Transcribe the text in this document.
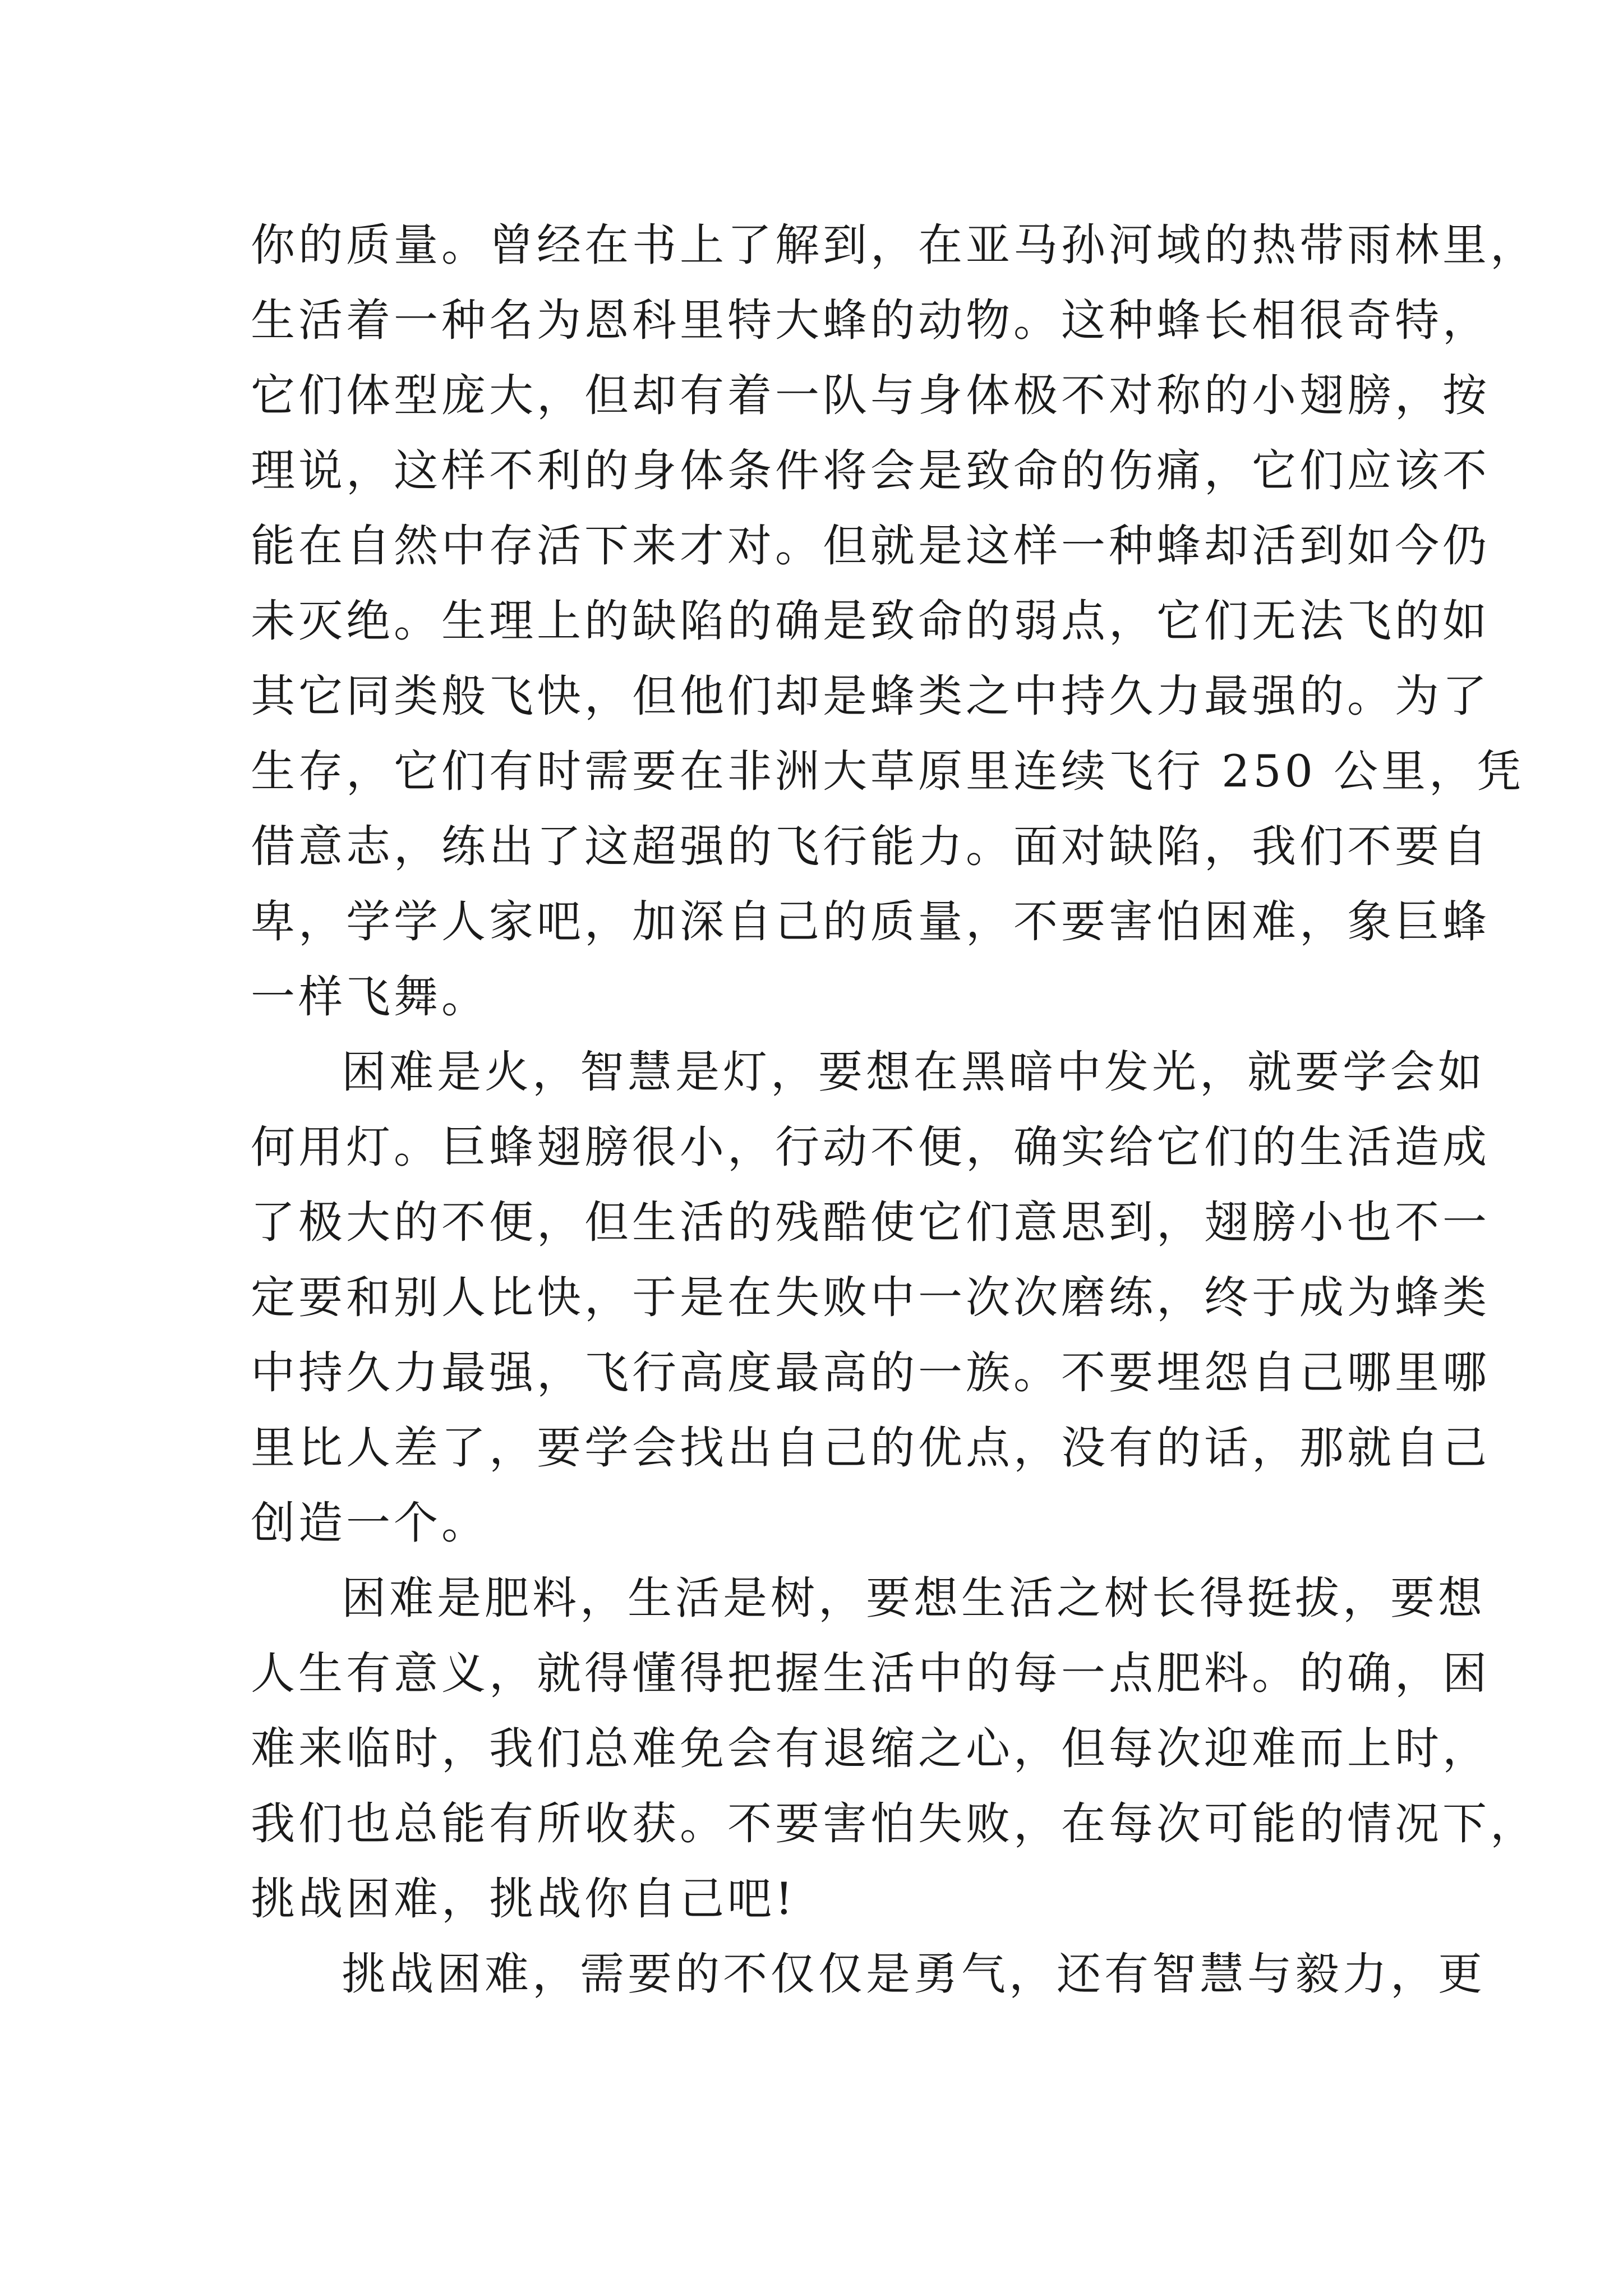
你的质量。曾经在书上了解到，在亚马孙河域的热带雨林里，
生活着一种名为恩科里特大蜂的动物。这种蜂长相很奇特，
它们体型庞大，但却有着一队与身体极不对称的小翅膀，按
理说，这样不利的身体条件将会是致命的伤痛，它们应该不
能在自然中存活下来才对。但就是这样一种蜂却活到如今仍
未灭绝。生理上的缺陷的确是致命的弱点，它们无法飞的如
其它同类般飞快，但他们却是蜂类之中持久力最强的。为了
生存，它们有时需要在非洲大草原里连续飞行 250 公里，凭
借意志，练出了这超强的飞行能力。面对缺陷，我们不要自
卑，学学人家吧，加深自己的质量，不要害怕困难，象巨蜂
一样飞舞。
困难是火，智慧是灯，要想在黑暗中发光，就要学会如
何用灯。巨蜂翅膀很小，行动不便，确实给它们的生活造成
了极大的不便，但生活的残酷使它们意思到，翅膀小也不一
定要和别人比快，于是在失败中一次次磨练，终于成为蜂类
中持久力最强，飞行高度最高的一族。不要埋怨自己哪里哪
里比人差了，要学会找出自己的优点，没有的话，那就自己
创造一个。
困难是肥料，生活是树，要想生活之树长得挺拔，要想
人生有意义，就得懂得把握生活中的每一点肥料。的确，困
难来临时，我们总难免会有退缩之心，但每次迎难而上时，
我们也总能有所收获。不要害怕失败，在每次可能的情况下，
挑战困难，挑战你自己吧!
挑战困难，需要的不仅仅是勇气，还有智慧与毅力，更
